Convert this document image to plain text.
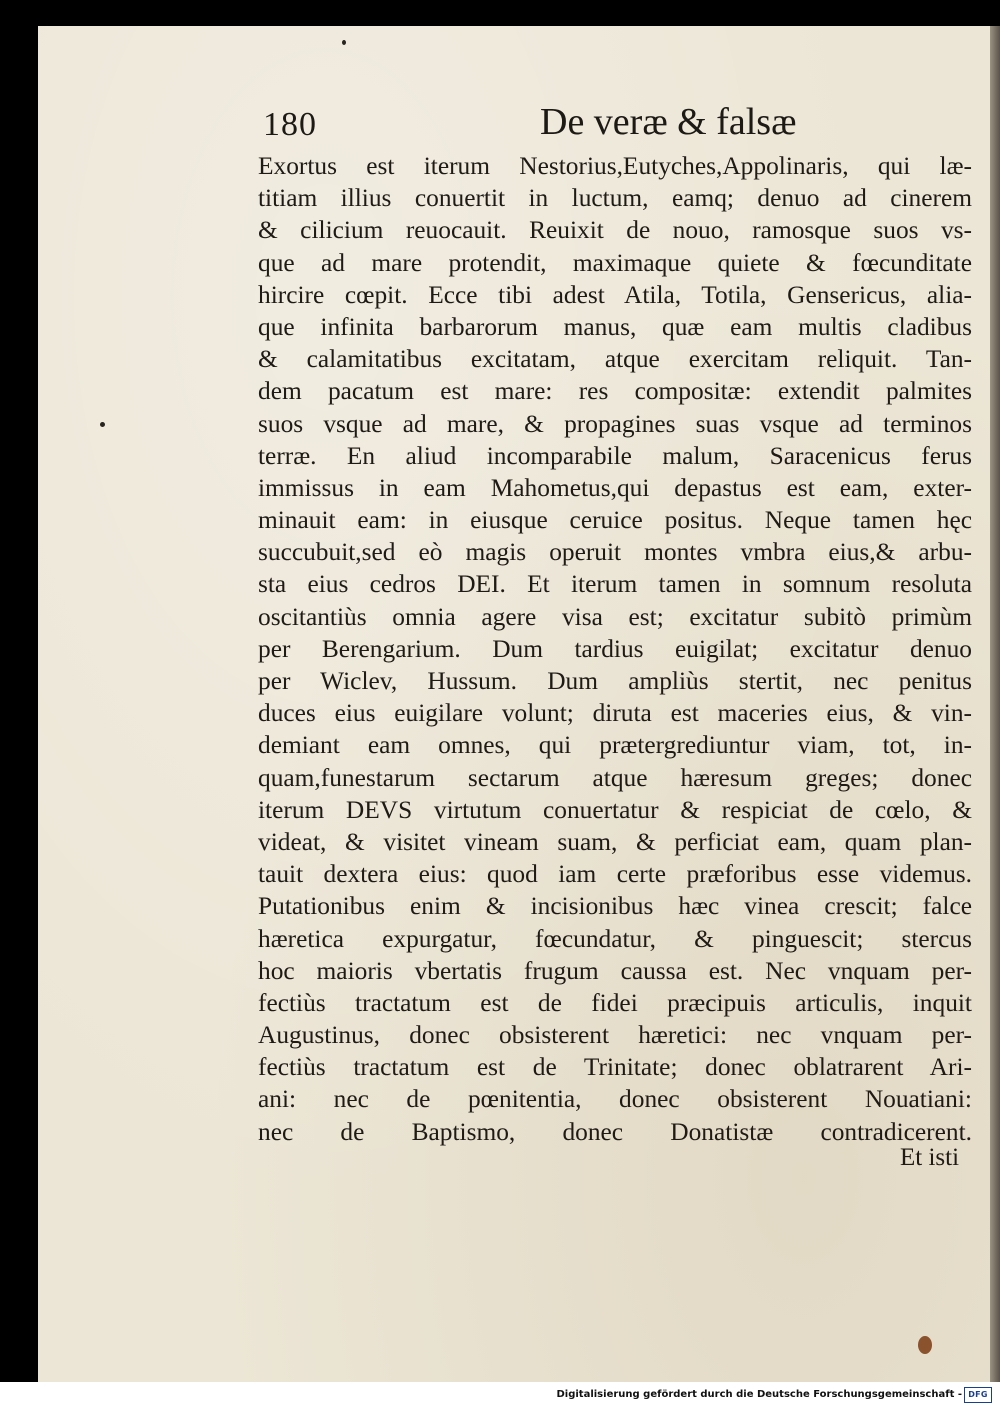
180	De veræ & falsæ
Exortus est iterum Nestorius,Eutyches,Appolinaris, qui læ-
titiam illius conuertit in luctum, eamq; denuo ad cinerem
& cilicium reuocauit. Reuixit de nouo, ramosque suos vs-
que ad mare protendit, maximaque quiete & fœcunditate
hircire cœpit. Ecce tibi adest Atila, Totila, Gensericus, alia-
que infinita barbarorum manus, quæ eam multis cladibus
& calamitatibus excitatam, atque exercitam reliquit. Tan-
dem pacatum est mare: res compositæ: extendit palmites
suos vsque ad mare, & propagines suas vsque ad terminos
terræ. En aliud incomparabile malum, Saracenicus ferus
immissus in eam Mahometus,qui depastus est eam, exter-
minauit eam: in eiusque ceruice positus. Neque tamen hęc
succubuit,sed eò magis operuit montes vmbra eius,& arbu-
sta eius cedros DEI. Et iterum tamen in somnum resoluta
oscitantiùs omnia agere visa est; excitatur subitò primùm
per Berengarium. Dum tardius euigilat; excitatur denuo
per Wiclev, Hussum. Dum ampliùs stertit, nec penitus
duces eius euigilare volunt; diruta est maceries eius, & vin-
demiant eam omnes, qui prætergrediuntur viam, tot, in-
quam,funestarum sectarum atque hæresum greges; donec
iterum DEVS virtutum conuertatur & respiciat de cœlo, &
videat, & visitet vineam suam, & perficiat eam, quam plan-
tauit dextera eius: quod iam certe præforibus esse videmus.
Putationibus enim & incisionibus hæc vinea crescit; falce
hæretica expurgatur, fœcundatur, & pinguescit; stercus
hoc maioris vbertatis frugum caussa est. Nec vnquam per-
fectiùs tractatum est de fidei præcipuis articulis, inquit
Augustinus, donec obsisterent hæretici: nec vnquam per-
fectiùs tractatum est de Trinitate; donec oblatrarent Ari-
ani: nec de pœnitentia, donec obsisterent Nouatiani:
nec de Baptismo, donec Donatistæ contradicerent.
Et isti
Digitalisierung gefördert durch die Deutsche Forschungsgemeinschaft - DFG
